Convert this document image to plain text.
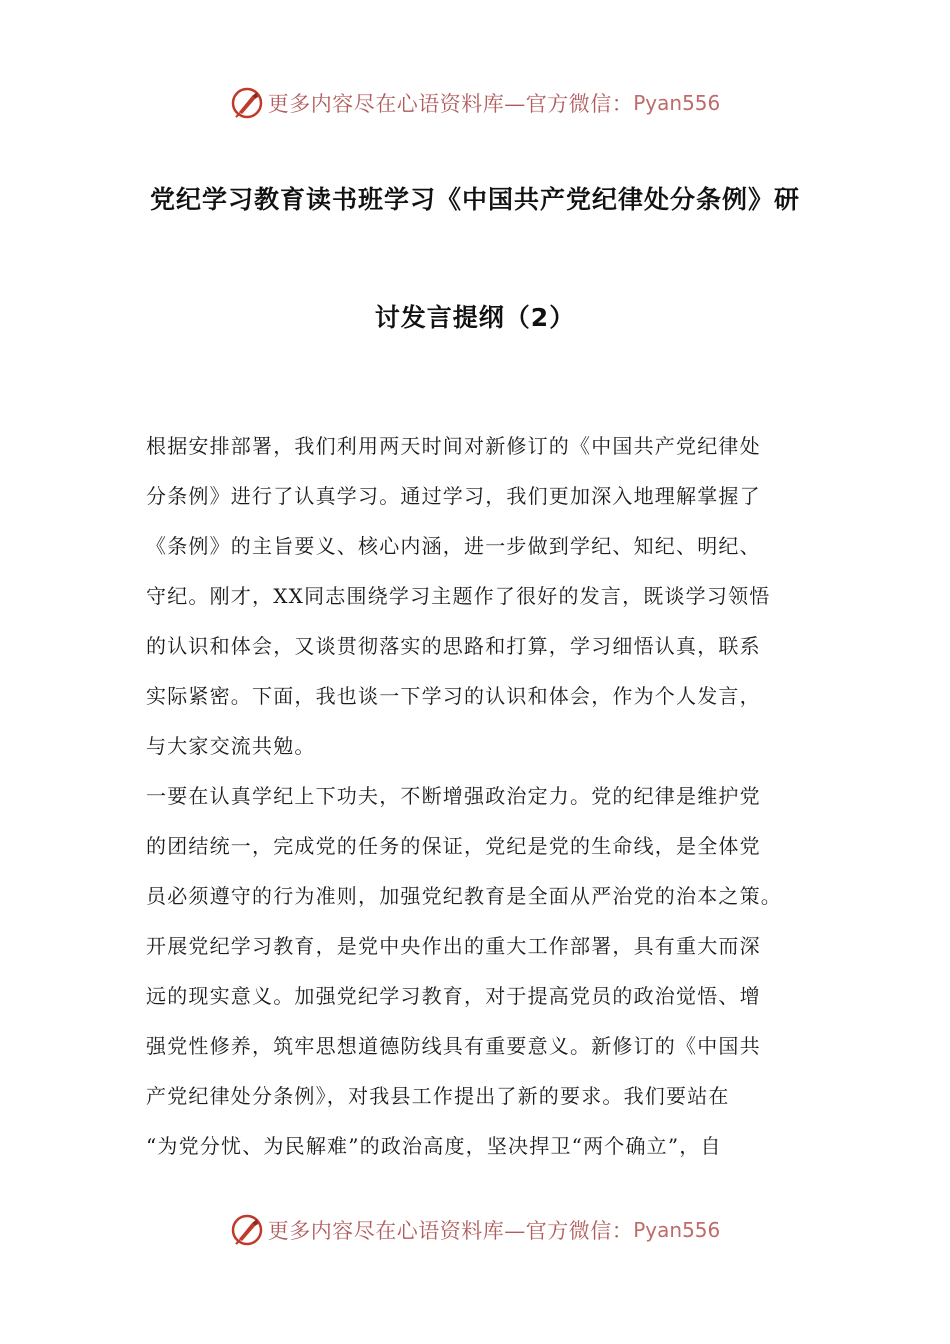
更多内容尽在心语资料库—官方微信： Pyan556
党纪学习教育读书班学习《中国共产党纪律处分条例》研
讨发言提纲（2）
根据安排部署，我们利用两天时间对新修订的《中国共产党纪律处
分条例》进行了认真学习。通过学习，我们更加深入地理解掌握了
《条例》的主旨要义、核心内涵，进一步做到学纪、知纪、明纪、
守纪。刚才，XX同志围绕学习主题作了很好的发言，既谈学习领悟
的认识和体会，又谈贯彻落实的思路和打算，学习细悟认真，联系
实际紧密。下面，我也谈一下学习的认识和体会，作为个人发言，
与大家交流共勉。
一要在认真学纪上下功夫，不断增强政治定力。党的纪律是维护党
的团结统一，完成党的任务的保证，党纪是党的生命线，是全体党
员必须遵守的行为准则，加强党纪教育是全面从严治党的治本之策。
开展党纪学习教育，是党中央作出的重大工作部署，具有重大而深
远的现实意义。加强党纪学习教育，对于提高党员的政治觉悟、增
强党性修养，筑牢思想道德防线具有重要意义。新修订的《中国共
产党纪律处分条例》，对我县工作提出了新的要求。我们要站在
“为党分忧、为民解难”的政治高度，坚决捍卫“两个确立”，自
更多内容尽在心语资料库—官方微信： Pyan556
